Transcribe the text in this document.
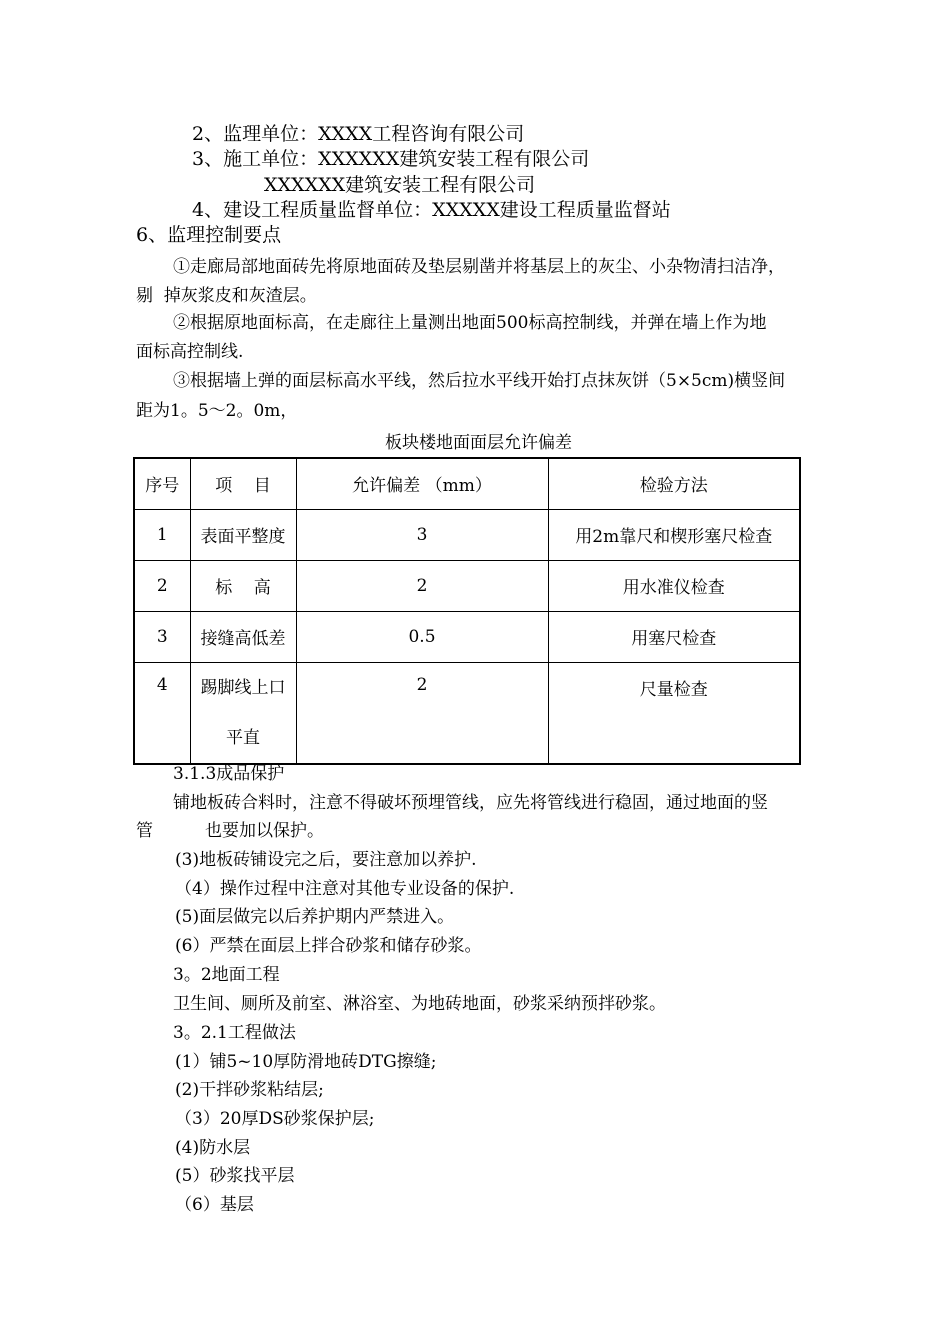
2、监理单位：XXXX工程咨询有限公司
3、施工单位：XXXXXX建筑安装工程有限公司
XXXXXX建筑安装工程有限公司
4、建设工程质量监督单位：XXXXX建设工程质量监督站
6、监理控制要点
①走廊局部地面砖先将原地面砖及垫层剔凿并将基层上的灰尘、小杂物清扫洁净，
剔  掉灰浆皮和灰渣层。
②根据原地面标高，在走廊往上量测出地面500标高控制线，并弹在墙上作为地
面标高控制线.
③根据墙上弹的面层标高水平线，然后拉水平线开始打点抹灰饼（5×5cm)横竖间
距为1。5～2。0m，
板块楼地面面层允许偏差
序号	项    目	允许偏差 （mm）	检验方法
1	表面平整度	3	用2m靠尺和楔形塞尺检查
2	标    高	2	用水准仪检查
3	接缝高低差	0.5	用塞尺检查
4	踢脚线上口
平直	2	尺量检查
3.1.3成品保护
铺地板砖合料时，注意不得破坏预埋管线，应先将管线进行稳固，通过地面的竖
管	也要加以保护。
(3)地板砖铺设完之后，要注意加以养护.
（4）操作过程中注意对其他专业设备的保护.
(5)面层做完以后养护期内严禁进入。
(6）严禁在面层上拌合砂浆和储存砂浆。
3。2地面工程
卫生间、厕所及前室、淋浴室、为地砖地面，砂浆采纳预拌砂浆。
3。2.1工程做法
(1）铺5~10厚防滑地砖DTG擦缝;
(2)干拌砂浆粘结层;
（3）20厚DS砂浆保护层;
(4)防水层
(5）砂浆找平层
（6）基层
